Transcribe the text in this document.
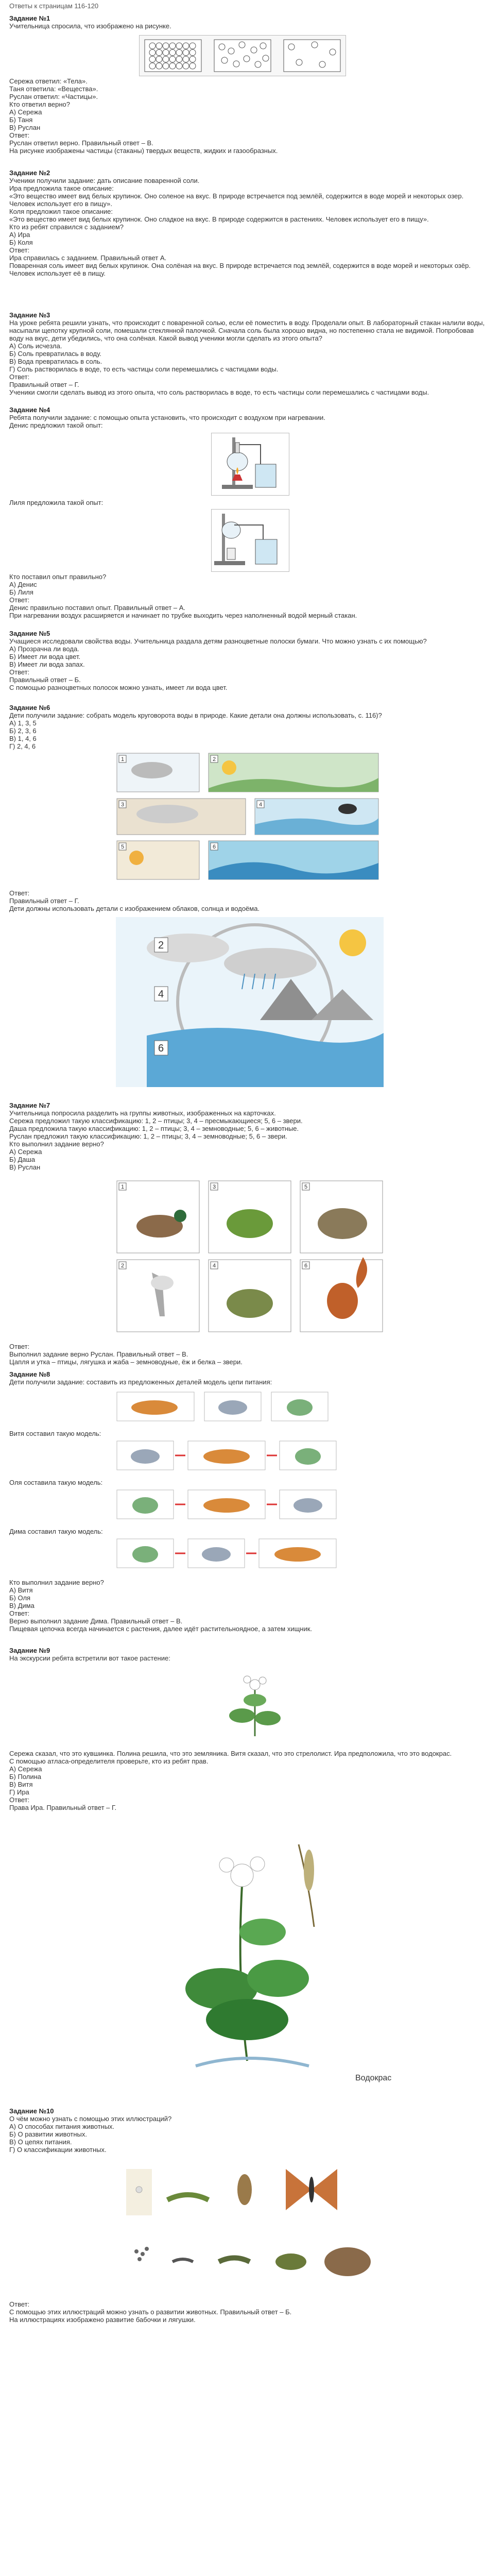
Ответы к страницам 116-120

Задание №1

Учительница спросила, что изображено на рисунке.

Сережа ответил: «Тела».

Таня ответила: «Вещества».

Руслан ответил: «Частицы».

Кто ответил верно?

А) Сережа

Б) Таня

В) Руслан

Ответ:

Руслан ответил верно. Правильный ответ – В.

На рисунке изображены частицы (стаканы) твердых веществ, жидких и газообразных.

Задание №2

Ученики получили задание: дать описание поваренной соли.

Ира предложила такое описание:

«Это вещество имеет вид белых крупинок. Оно соленое на вкус. В природе встречается под землёй, содержится в воде морей и некоторых озер. Человек использует его в пищу».

Коля предложил такое описание:

«Это вещество имеет вид белых крупинок. Оно сладкое на вкус. В природе содержится в растениях. Человек использует его в пищу».

Кто из ребят справился с заданием?

А) Ира

Б) Коля

Ответ:

Ира справилась с заданием. Правильный ответ А.

Поваренная соль имеет вид белых крупинок. Она солёная на вкус. В природе встречается под землёй, содержится в воде морей и некоторых озёр. Человек использует её в пищу.

Задание №3

На уроке ребята решили узнать, что происходит с поваренной солью, если её поместить в воду. Проделали опыт. В лабораторный стакан налили воды, насыпали щепотку крупной соли, помешали стеклянной палочкой. Сначала соль была хорошо видна, но постепенно стала не видимой. Попробовав воду на вкус, дети убедились, что она солёная. Какой вывод ученики могли сделать из этого опыта?

А) Соль исчезла.

Б) Соль превратилась в воду.

В) Вода превратилась в соль.

Г) Соль растворилась в воде, то есть частицы соли перемешались с частицами воды.

Ответ:

Правильный ответ – Г.

Ученики смогли сделать вывод из этого опыта, что соль растворилась в воде, то есть частицы соли перемешались с частицами воды.

Задание №4

Ребята получили задание: с помощью опыта установить, что происходит с воздухом при нагревании.

Денис предложил такой опыт:

Лиля предложила такой опыт:

Кто поставил опыт правильно?

А) Денис

Б) Лиля

Ответ:

Денис правильно поставил опыт. Правильный ответ – А.

При нагревании воздух расширяется и начинает по трубке выходить через наполненный водой мерный стакан.

Задание №5

Учащиеся исследовали свойства воды. Учительница раздала детям разноцветные полоски бумаги. Что можно узнать с их помощью?

А) Прозрачна ли вода.

Б) Имеет ли вода цвет.

В) Имеет ли вода запах.

Ответ:

Правильный ответ – Б.

С помощью разноцветных полосок можно узнать, имеет ли вода цвет.

Задание №6

Дети получили задание: собрать модель круговорота воды в природе. Какие детали она должны использовать, с. 116)?

А) 1, 3, 5

Б) 2, 3, 6

В) 1, 4, 6

Г) 2, 4, 6

1	2
3	4
5	6

Ответ:

Правильный ответ – Г.

Дети должны использовать детали с изображением облаков, солнца и водоёма.

2
4
6

Задание №7

Учительница попросила разделить на группы животных, изображенных на карточках.

Сережа предложил такую классификацию: 1, 2 – птицы; 3, 4 – пресмыкающиеся; 5, 6 – звери.

Даша предложила такую классификацию: 1, 2 – птицы; 3, 4 – земноводные; 5, 6 – животные.

Руслан предложил такую классификацию: 1, 2 – птицы; 3, 4 – земноводные; 5, 6 – звери.

Кто выполнил задание верно?

А) Сережа

Б) Даша

В) Руслан

1	3	5
2	4	6

Ответ:

Выполнил задание верно Руслан. Правильный ответ – В.

Цапля и утка – птицы, лягушка и жаба – земноводные, ёж и белка – звери.

Задание №8

Дети получили задание: составить из предложенных деталей модель цепи питания:

Витя составил такую модель:
Оля составила такую модель:
Дима составил такую модель:

Кто выполнил задание верно?

А) Витя

Б) Оля

В) Дима

Ответ:

Верно выполнил задание Дима. Правильный ответ – В.

Пищевая цепочка всегда начинается с растения, далее идёт растительноядное, а затем хищник.

Задание №9

На экскурсии ребята встретили вот такое растение:

Сережа сказал, что это кувшинка. Полина решила, что это земляника. Витя сказал, что это стрелолист. Ира предположила, что это водокрас.

С помощью атласа-определителя проверьте, кто из ребят прав.

А) Сережа

Б) Полина

В) Витя

Г) Ира

Ответ:

Права Ира. Правильный ответ – Г.

Водокрас

Задание №10

О чём можно узнать с помощью этих иллюстраций?

А) О способах питания животных.

Б) О развитии животных.

В) О цепях питания.

Г) О классификации животных.

Ответ:

С помощью этих иллюстраций можно узнать о развитии животных. Правильный ответ – Б.

На иллюстрациях изображено развитие бабочки и лягушки.
